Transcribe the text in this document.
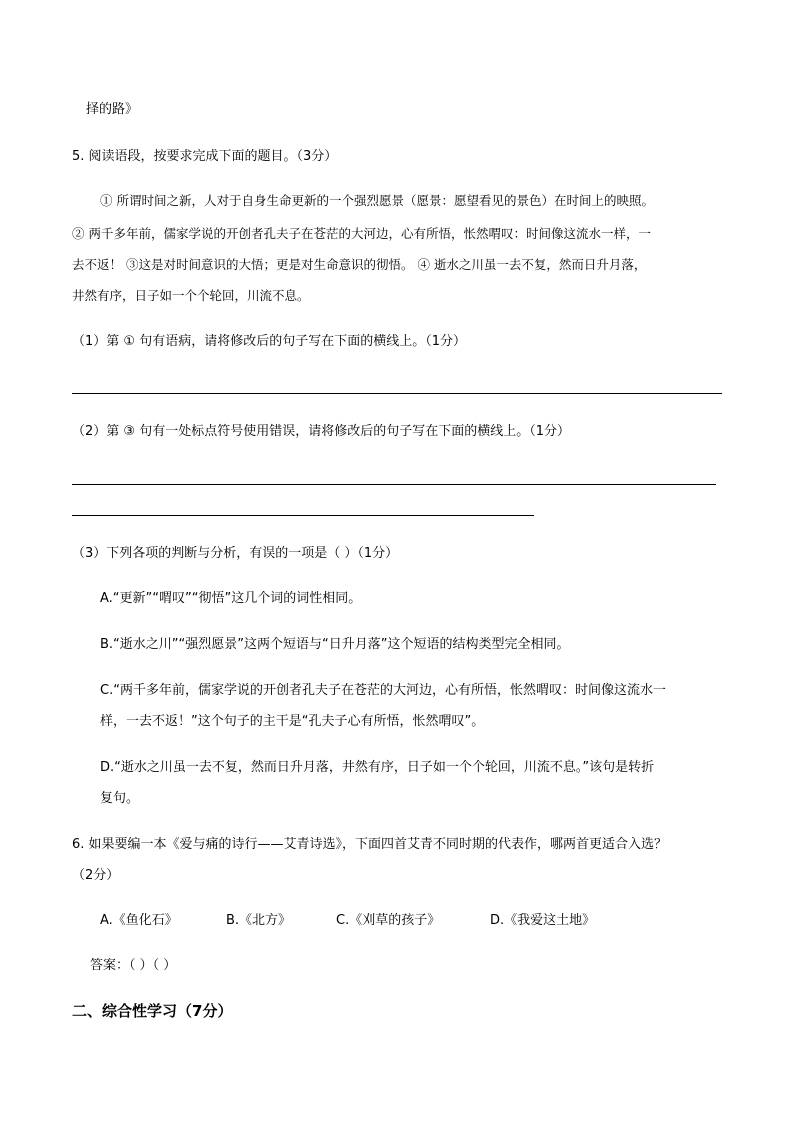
择的路》
5. 阅读语段，按要求完成下面的题目。（3分）
① 所谓时间之新，人对于自身生命更新的一个强烈愿景（愿景：愿望看见的景色）在时间上的映照。
② 两千多年前，儒家学说的开创者孔夫子在苍茫的大河边，心有所悟，怅然喟叹：时间像这流水一样，一
去不返！ ③这是对时间意识的大悟；更是对生命意识的彻悟。 ④ 逝水之川虽一去不复，然而日升月落，
井然有序，日子如一个个轮回，川流不息。
（1）第 ① 句有语病，请将修改后的句子写在下面的横线上。（1分）
（2）第 ③ 句有一处标点符号使用错误，请将修改后的句子写在下面的横线上。（1分）
（3）下列各项的判断与分析，有误的一项是（ ）（1分）
A.“更新”“喟叹”“彻悟”这几个词的词性相同。
B.“逝水之川”“强烈愿景”这两个短语与“日升月落”这个短语的结构类型完全相同。
C.“两千多年前，儒家学说的开创者孔夫子在苍茫的大河边，心有所悟，怅然喟叹：时间像这流水一
样，一去不返！”这个句子的主干是“孔夫子心有所悟，怅然喟叹”。
D.“逝水之川虽一去不复，然而日升月落，井然有序，日子如一个个轮回，川流不息。”该句是转折
复句。
6. 如果要编一本《爱与痛的诗行——艾青诗选》，下面四首艾青不同时期的代表作，哪两首更适合入选？
（2分）
A.《鱼化石》	B.《北方》	C.《刈草的孩子》	D.《我爱这土地》
答案：（ ）（ ）
二、综合性学习（7分）
